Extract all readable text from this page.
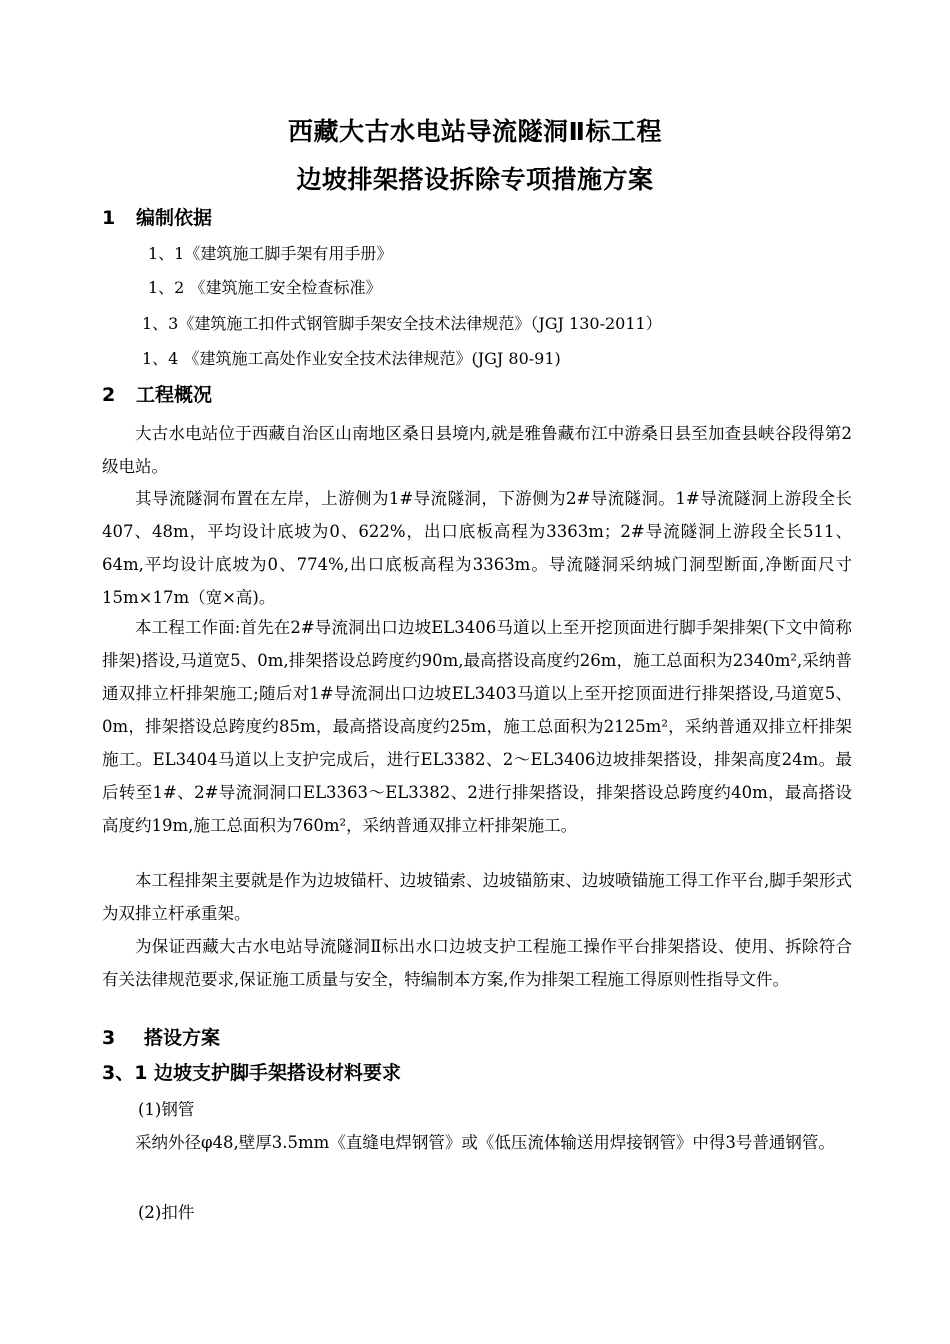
西藏大古水电站导流隧洞Ⅱ标工程
边坡排架搭设拆除专项措施方案
1 编制依据
1、1《建筑施工脚手架有用手册》
1、2 《建筑施工安全检查标准》
1、3《建筑施工扣件式钢管脚手架安全技术法律规范》（JGJ 130-2011）
1、4 《建筑施工高处作业安全技术法律规范》(JGJ 80-91)
2 工程概况

大古水电站位于西藏自治区山南地区桑日县境内,就是雅鲁藏布江中游桑日县至加查县峡谷段得第2级电站。

其导流隧洞布置在左岸，上游侧为1#导流隧洞，下游侧为2#导流隧洞。1#导流隧洞上游段全长407、48m，平均设计底坡为0、622%，出口底板高程为3363m；2#导流隧洞上游段全长511、64m,平均设计底坡为0、774%,出口底板高程为3363m。导流隧洞采纳城门洞型断面,净断面尺寸15m×17m（宽×高)。

本工程工作面:首先在2#导流洞出口边坡EL3406马道以上至开挖顶面进行脚手架排架(下文中简称排架)搭设,马道宽5、0m,排架搭设总跨度约90m,最高搭设高度约26m，施工总面积为2340m²,采纳普通双排立杆排架施工;随后对1#导流洞出口边坡EL3403马道以上至开挖顶面进行排架搭设,马道宽5、0m，排架搭设总跨度约85m，最高搭设高度约25m，施工总面积为2125m²，采纳普通双排立杆排架施工。EL3404马道以上支护完成后，进行EL3382、2～EL3406边坡排架搭设，排架高度24m。最后转至1#、2#导流洞洞口EL3363～EL3382、2进行排架搭设，排架搭设总跨度约40m，最高搭设高度约19m,施工总面积为760m²，采纳普通双排立杆排架施工。

本工程排架主要就是作为边坡锚杆、边坡锚索、边坡锚筋束、边坡喷锚施工得工作平台,脚手架形式为双排立杆承重架。

为保证西藏大古水电站导流隧洞Ⅱ标出水口边坡支护工程施工操作平台排架搭设、使用、拆除符合有关法律规范要求,保证施工质量与安全，特编制本方案,作为排架工程施工得原则性指导文件。

3 搭设方案
3、1 边坡支护脚手架搭设材料要求
(1)钢管

采纳外径φ48,壁厚3.5mm《直缝电焊钢管》或《低压流体输送用焊接钢管》中得3号普通钢管。

(2)扣件
